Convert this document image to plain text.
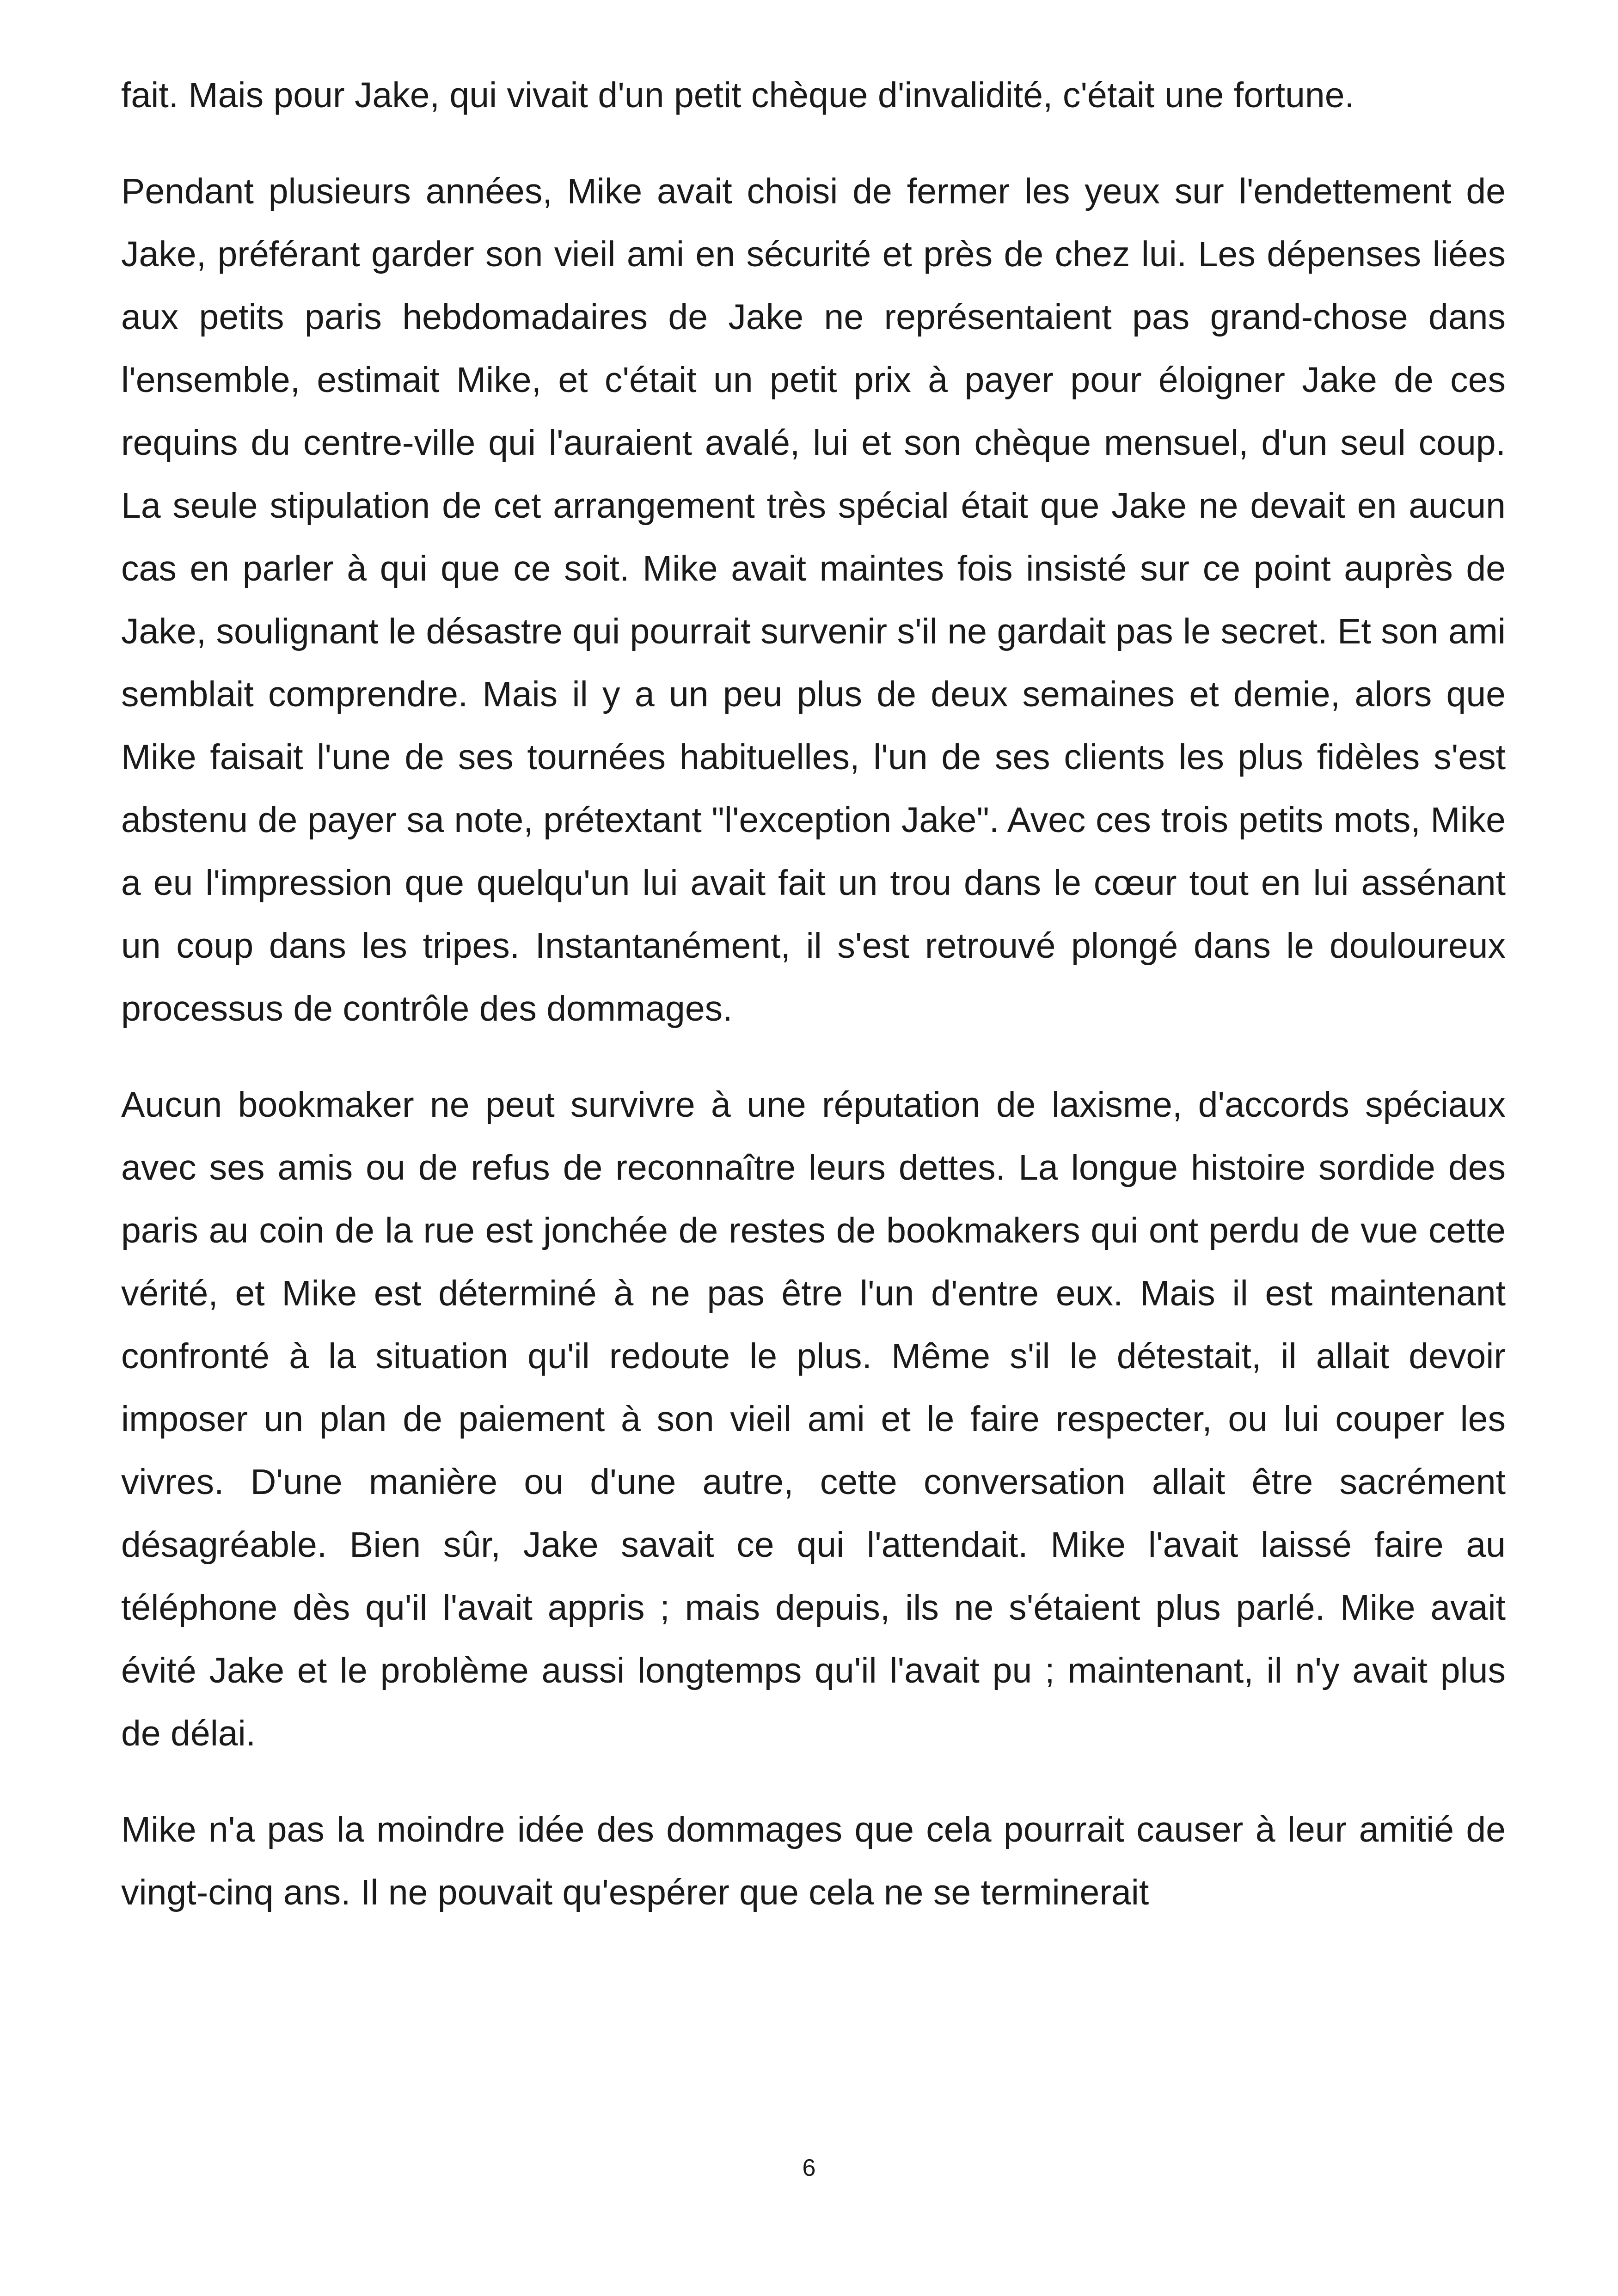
fait. Mais pour Jake, qui vivait d'un petit chèque d'invalidité, c'était une fortune.

Pendant plusieurs années, Mike avait choisi de fermer les yeux sur l'endettement de Jake, préférant garder son vieil ami en sécurité et près de chez lui. Les dépenses liées aux petits paris hebdomadaires de Jake ne représentaient pas grand-chose dans l'ensemble, estimait Mike, et c'était un petit prix à payer pour éloigner Jake de ces requins du centre-ville qui l'auraient avalé, lui et son chèque mensuel, d'un seul coup. La seule stipulation de cet arrangement très spécial était que Jake ne devait en aucun cas en parler à qui que ce soit. Mike avait maintes fois insisté sur ce point auprès de Jake, soulignant le désastre qui pourrait survenir s'il ne gardait pas le secret. Et son ami semblait comprendre. Mais il y a un peu plus de deux semaines et demie, alors que Mike faisait l'une de ses tournées habituelles, l'un de ses clients les plus fidèles s'est abstenu de payer sa note, prétextant "l'exception Jake". Avec ces trois petits mots, Mike a eu l'impression que quelqu'un lui avait fait un trou dans le cœur tout en lui assénant un coup dans les tripes. Instantanément, il s'est retrouvé plongé dans le douloureux processus de contrôle des dommages.

Aucun bookmaker ne peut survivre à une réputation de laxisme, d'accords spéciaux avec ses amis ou de refus de reconnaître leurs dettes. La longue histoire sordide des paris au coin de la rue est jonchée de restes de bookmakers qui ont perdu de vue cette vérité, et Mike est déterminé à ne pas être l'un d'entre eux. Mais il est maintenant confronté à la situation qu'il redoute le plus. Même s'il le détestait, il allait devoir imposer un plan de paiement à son vieil ami et le faire respecter, ou lui couper les vivres. D'une manière ou d'une autre, cette conversation allait être sacrément désagréable. Bien sûr, Jake savait ce qui l'attendait. Mike l'avait laissé faire au téléphone dès qu'il l'avait appris ; mais depuis, ils ne s'étaient plus parlé. Mike avait évité Jake et le problème aussi longtemps qu'il l'avait pu ; maintenant, il n'y avait plus de délai.

Mike n'a pas la moindre idée des dommages que cela pourrait causer à leur amitié de vingt-cinq ans. Il ne pouvait qu'espérer que cela ne se terminerait

6
